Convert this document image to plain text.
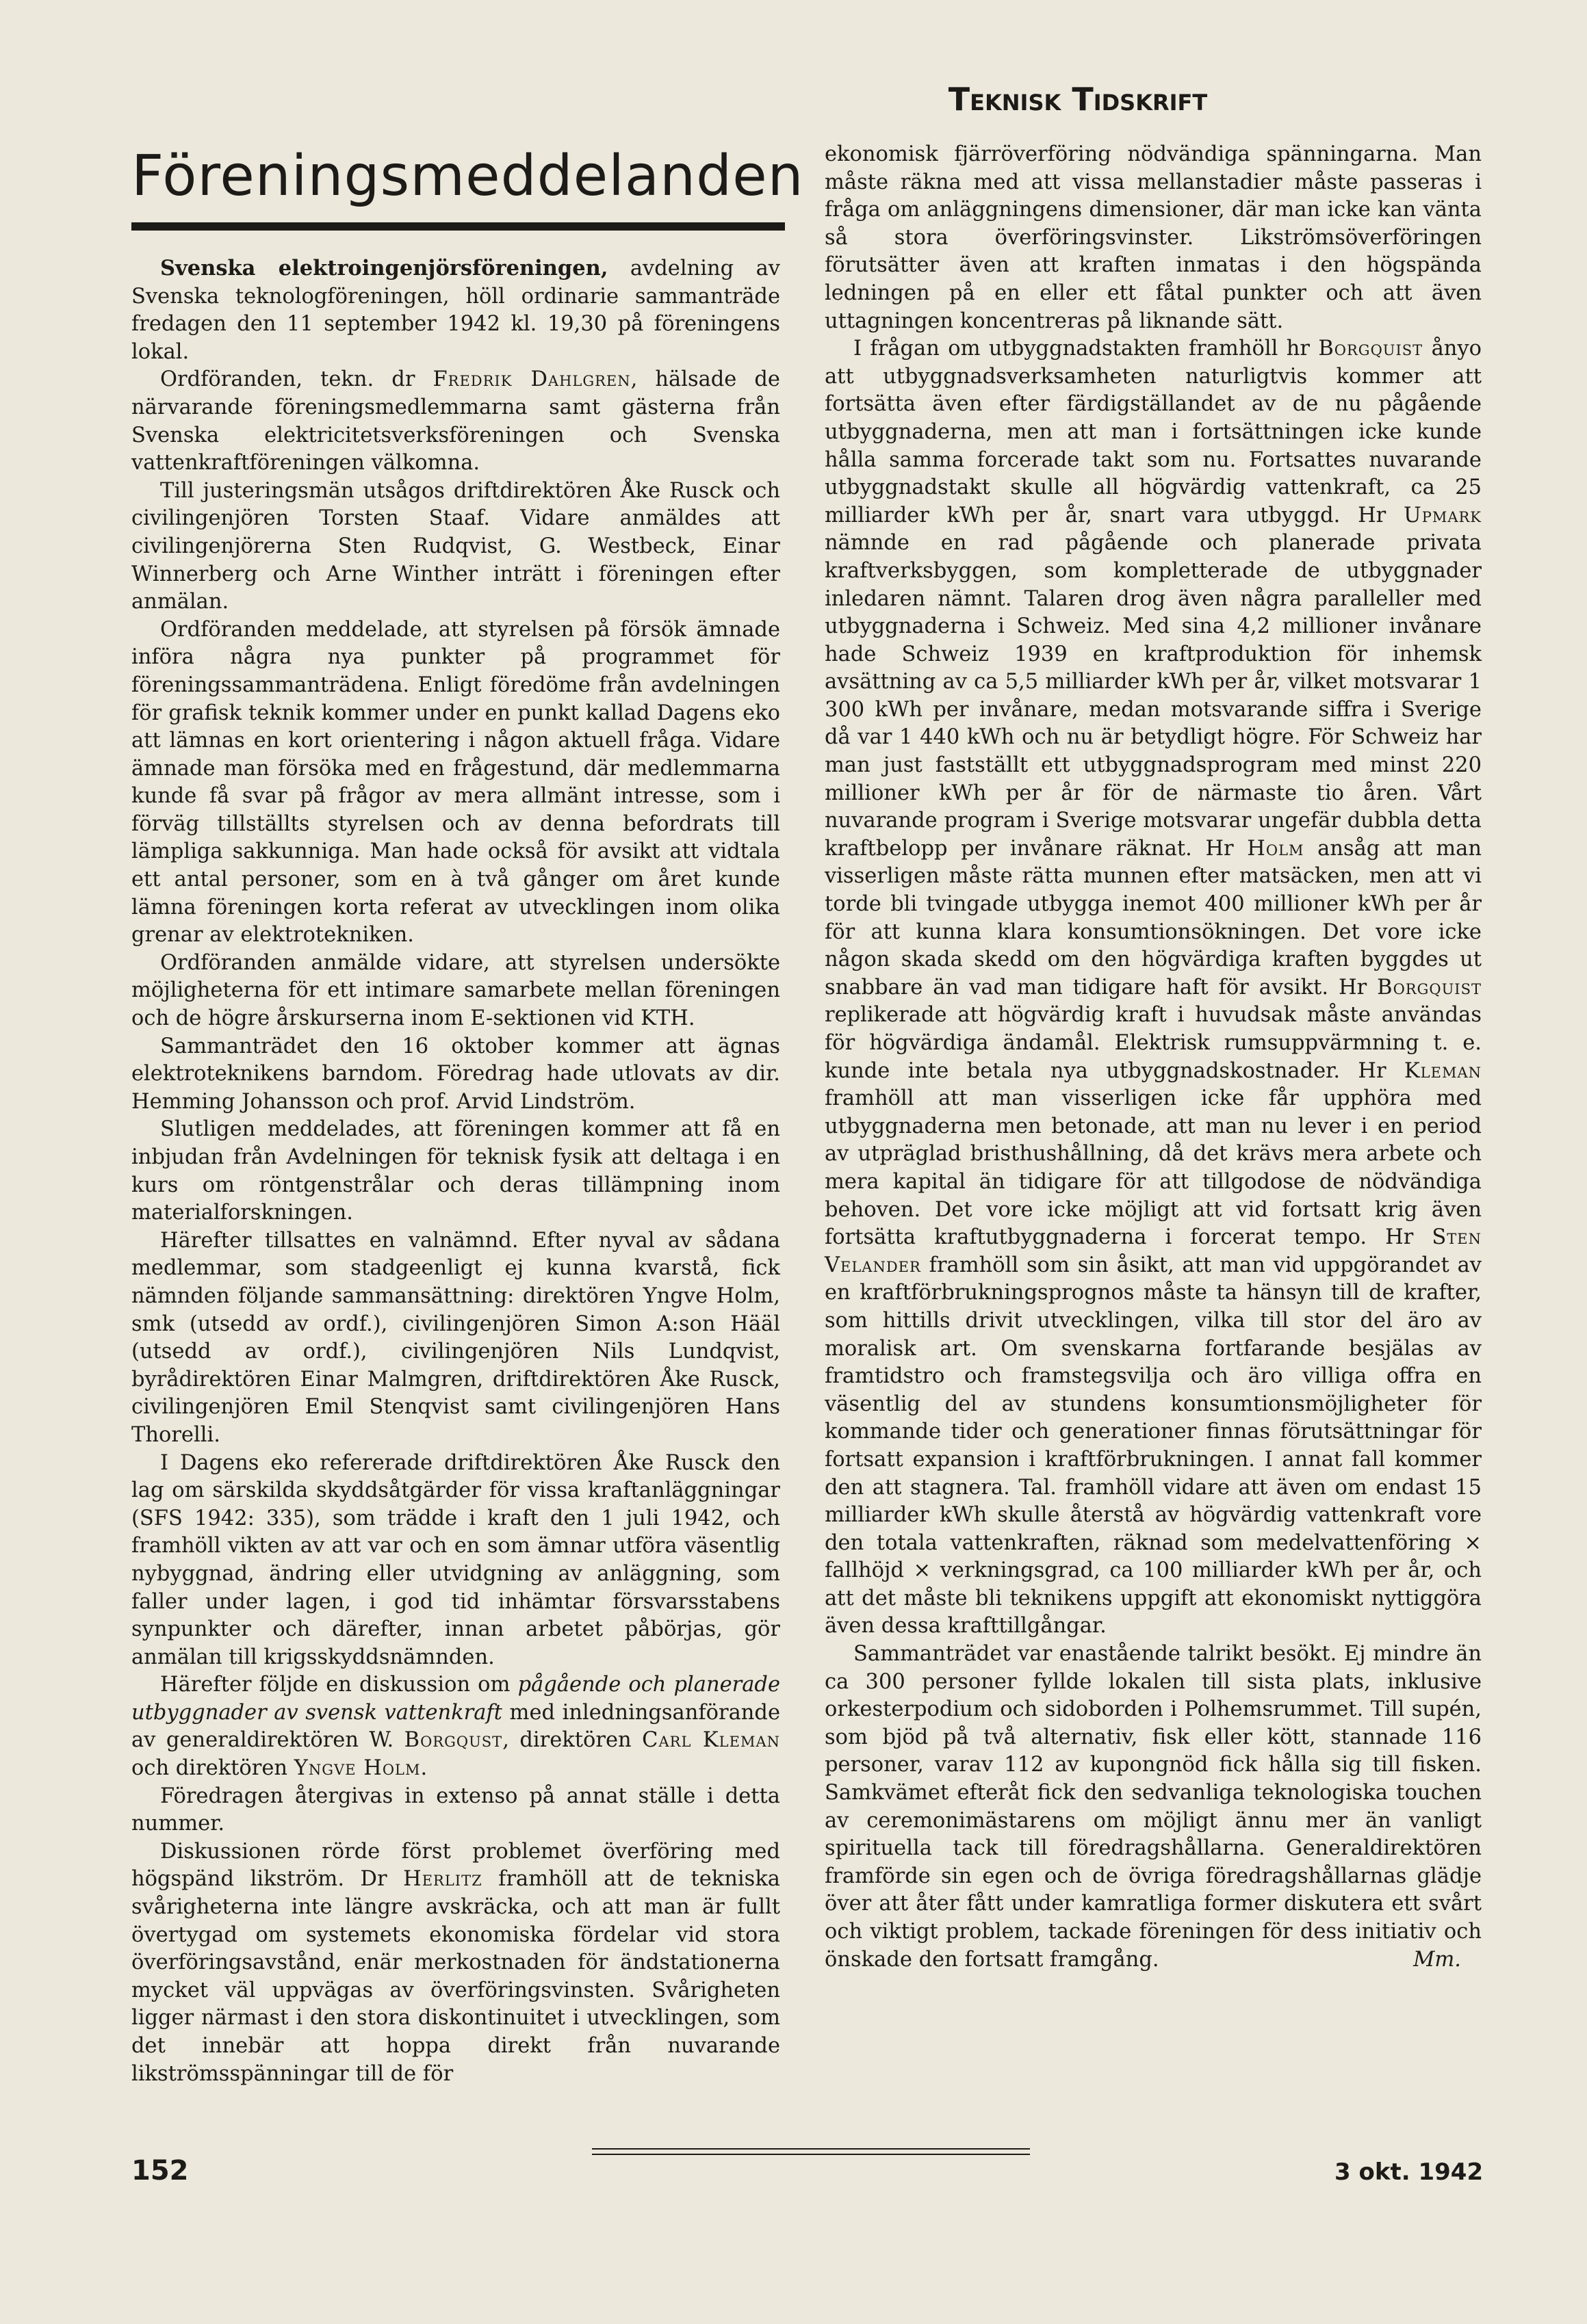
Teknisk Tidskrift
Föreningsmeddelanden

Svenska elektroingenjörsföreningen, avdelning av Svenska teknologföreningen, höll ordinarie sammanträde fredagen den 11 september 1942 kl. 19,30 på föreningens lokal.

Ordföranden, tekn. dr Fredrik Dahlgren, hälsade de närvarande föreningsmedlemmarna samt gästerna från Svenska elektricitetsverksföreningen och Svenska vattenkraftföreningen välkomna.

Till justeringsmän utsågos driftdirektören Åke Rusck och civilingenjören Torsten Staaf. Vidare anmäldes att civilingenjörerna Sten Rudqvist, G. Westbeck, Einar Winnerberg och Arne Winther inträtt i föreningen efter anmälan.

Ordföranden meddelade, att styrelsen på försök ämnade införa några nya punkter på programmet för föreningssammanträdena. Enligt föredöme från avdelningen för grafisk teknik kommer under en punkt kallad Dagens eko att lämnas en kort orientering i någon aktuell fråga. Vidare ämnade man försöka med en frågestund, där medlemmarna kunde få svar på frågor av mera allmänt intresse, som i förväg tillställts styrelsen och av denna befordrats till lämpliga sakkunniga. Man hade också för avsikt att vidtala ett antal personer, som en à två gånger om året kunde lämna föreningen korta referat av utvecklingen inom olika grenar av elektrotekniken.

Ordföranden anmälde vidare, att styrelsen undersökte möjligheterna för ett intimare samarbete mellan föreningen och de högre årskurserna inom E-sektionen vid KTH.

Sammanträdet den 16 oktober kommer att ägnas elektroteknikens barndom. Föredrag hade utlovats av dir. Hemming Johansson och prof. Arvid Lindström.

Slutligen meddelades, att föreningen kommer att få en inbjudan från Avdelningen för teknisk fysik att deltaga i en kurs om röntgenstrålar och deras tillämpning inom materialforskningen.

Härefter tillsattes en valnämnd. Efter nyval av sådana medlemmar, som stadgeenligt ej kunna kvarstå, fick nämnden följande sammansättning: direktören Yngve Holm, smk (utsedd av ordf.), civilingenjören Simon A:son Hääl (utsedd av ordf.), civilingenjören Nils Lundqvist, byrådirektören Einar Malmgren, driftdirektören Åke Rusck, civilingenjören Emil Stenqvist samt civilingenjören Hans Thorelli.

I Dagens eko refererade driftdirektören Åke Rusck den lag om särskilda skyddsåtgärder för vissa kraftanläggningar (SFS 1942: 335), som trädde i kraft den 1 juli 1942, och framhöll vikten av att var och en som ämnar utföra väsentlig nybyggnad, ändring eller utvidgning av anläggning, som faller under lagen, i god tid inhämtar försvarsstabens synpunkter och därefter, innan arbetet påbörjas, gör anmälan till krigsskyddsnämnden.

Härefter följde en diskussion om pågående och planerade utbyggnader av svensk vattenkraft med inledningsanförande av generaldirektören W. Borgqust, direktören Carl Kleman och direktören Yngve Holm.

Föredragen återgivas in extenso på annat ställe i detta nummer.

Diskussionen rörde först problemet överföring med högspänd likström. Dr Herlitz framhöll att de tekniska svårigheterna inte längre avskräcka, och att man är fullt övertygad om systemets ekonomiska fördelar vid stora överföringsavstånd, enär merkostnaden för ändstationerna mycket väl uppvägas av överföringsvinsten. Svårigheten ligger närmast i den stora diskontinuitet i utvecklingen, som det innebär att hoppa direkt från nuvarande likströmsspänningar till de för

ekonomisk fjärröverföring nödvändiga spänningarna. Man måste räkna med att vissa mellanstadier måste passeras i fråga om anläggningens dimensioner, där man icke kan vänta så stora överföringsvinster. Likströmsöverföringen förutsätter även att kraften inmatas i den högspända ledningen på en eller ett fåtal punkter och att även uttagningen koncentreras på liknande sätt.

I frågan om utbyggnadstakten framhöll hr Borgquist ånyo att utbyggnadsverksamheten naturligtvis kommer att fortsätta även efter färdigställandet av de nu pågående utbyggnaderna, men att man i fortsättningen icke kunde hålla samma forcerade takt som nu. Fortsattes nuvarande utbyggnadstakt skulle all högvärdig vattenkraft, ca 25 milliarder kWh per år, snart vara utbyggd. Hr Upmark nämnde en rad pågående och planerade privata kraftverksbyggen, som kompletterade de utbyggnader inledaren nämnt. Talaren drog även några paralleller med utbyggnaderna i Schweiz. Med sina 4,2 millioner invånare hade Schweiz 1939 en kraftproduktion för inhemsk avsättning av ca 5,5 milliarder kWh per år, vilket motsvarar 1 300 kWh per invånare, medan motsvarande siffra i Sverige då var 1 440 kWh och nu är betydligt högre. För Schweiz har man just fastställt ett utbyggnadsprogram med minst 220 millioner kWh per år för de närmaste tio åren. Vårt nuvarande program i Sverige motsvarar ungefär dubbla detta kraftbelopp per invånare räknat. Hr Holm ansåg att man visserligen måste rätta munnen efter matsäcken, men att vi torde bli tvingade utbygga inemot 400 millioner kWh per år för att kunna klara konsumtionsökningen. Det vore icke någon skada skedd om den högvärdiga kraften byggdes ut snabbare än vad man tidigare haft för avsikt. Hr Borgquist replikerade att högvärdig kraft i huvudsak måste användas för högvärdiga ändamål. Elektrisk rumsuppvärmning t. e. kunde inte betala nya utbyggnadskostnader. Hr Kleman framhöll att man visserligen icke får upphöra med utbyggnaderna men betonade, att man nu lever i en period av utpräglad bristhushållning, då det krävs mera arbete och mera kapital än tidigare för att tillgodose de nödvändiga behoven. Det vore icke möjligt att vid fortsatt krig även fortsätta kraftutbyggnaderna i forcerat tempo. Hr Sten Velander framhöll som sin åsikt, att man vid uppgörandet av en kraftförbrukningsprognos måste ta hänsyn till de krafter, som hittills drivit utvecklingen, vilka till stor del äro av moralisk art. Om svenskarna fortfarande besjälas av framtidstro och framstegsvilja och äro villiga offra en väsentlig del av stundens konsumtionsmöjligheter för kommande tider och generationer finnas förutsättningar för fortsatt expansion i kraftförbrukningen. I annat fall kommer den att stagnera. Tal. framhöll vidare att även om endast 15 milliarder kWh skulle återstå av högvärdig vattenkraft vore den totala vattenkraften, räknad som medelvattenföring × fallhöjd × verkningsgrad, ca 100 milliarder kWh per år, och att det måste bli teknikens uppgift att ekonomiskt nyttiggöra även dessa krafttillgångar.

Sammanträdet var enastående talrikt besökt. Ej mindre än ca 300 personer fyllde lokalen till sista plats, inklusive orkesterpodium och sidoborden i Polhemsrummet. Till supén, som bjöd på två alternativ, fisk eller kött, stannade 116 personer, varav 112 av kupongnöd fick hålla sig till fisken. Samkvämet efteråt fick den sedvanliga teknologiska touchen av ceremonimästarens om möjligt ännu mer än vanligt spirituella tack till föredragshållarna. Generaldirektören framförde sin egen och de övriga föredragshållarnas glädje över att åter fått under kamratliga former diskutera ett svårt och viktigt problem, tackade föreningen för dess initiativ och önskade den fortsatt framgång.	Mm.

152	3 okt. 1942
